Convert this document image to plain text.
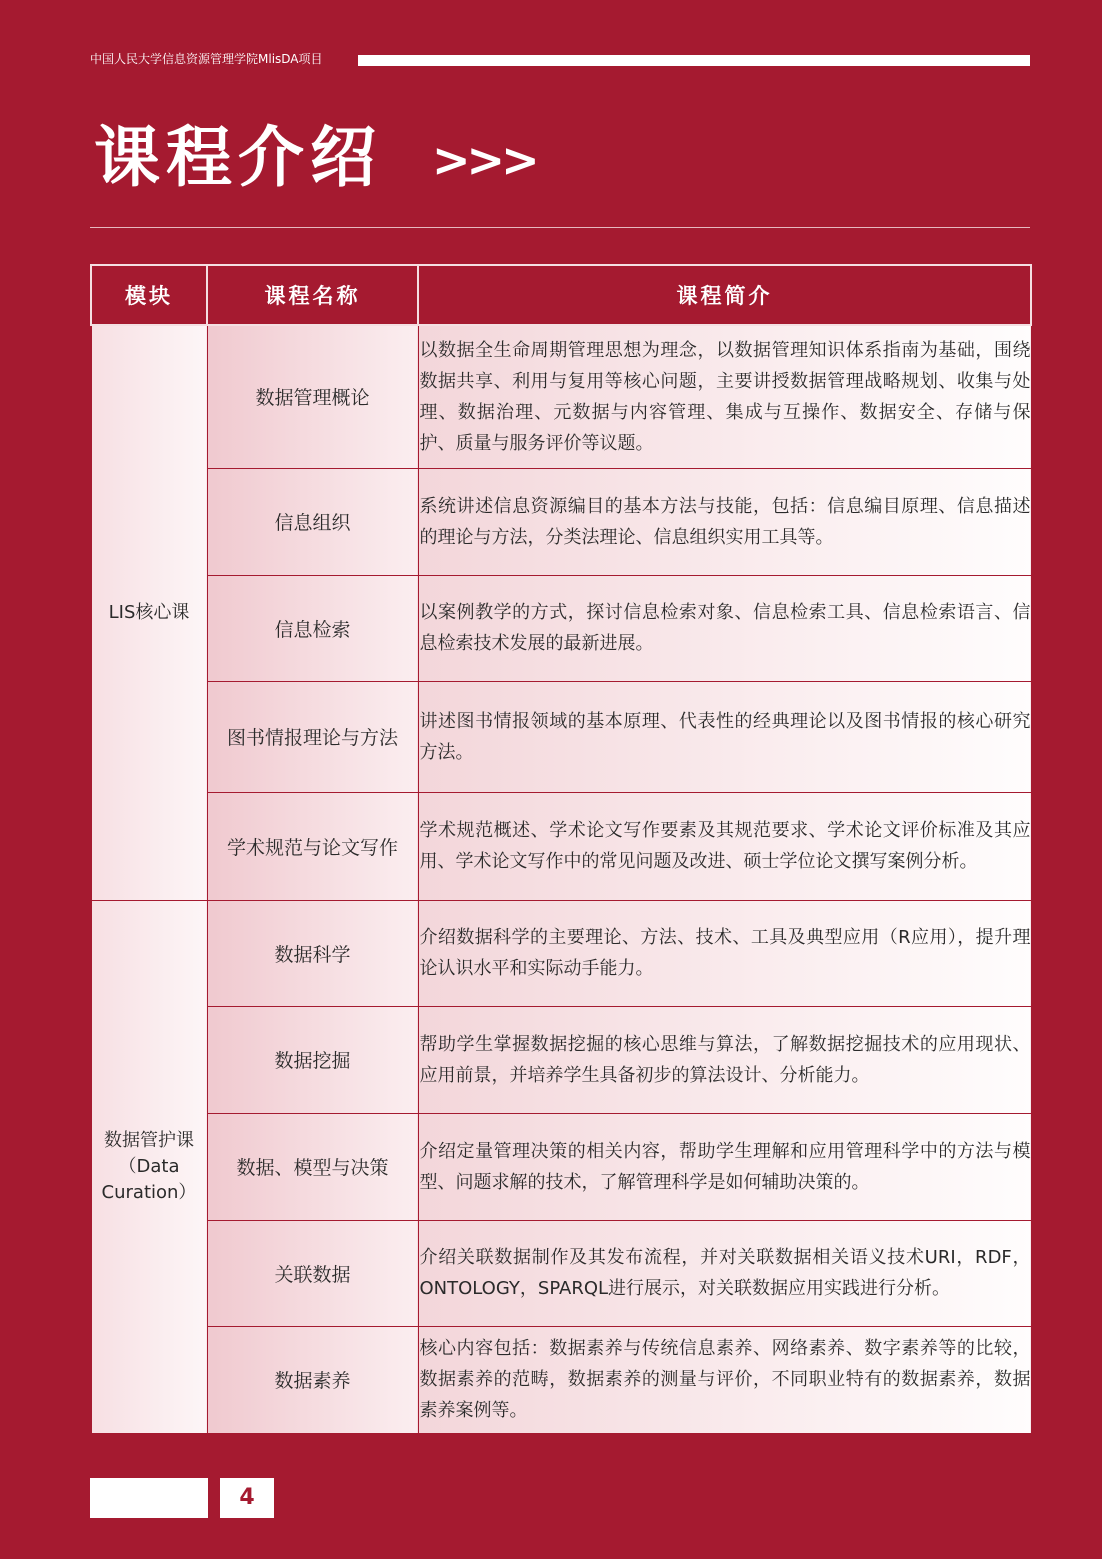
中国人民大学信息资源管理学院MlisDA项目
课程介绍 >>>
模块	课程名称	课程简介
LIS核心课	数据管理概论	以数据全生命周期管理思想为理念，以数据管理知识体系指南为基础，围绕数据共享、利用与复用等核心问题，主要讲授数据管理战略规划、收集与处理、数据治理、元数据与内容管理、集成与互操作、数据安全、存储与保护、质量与服务评价等议题。
	信息组织	系统讲述信息资源编目的基本方法与技能，包括：信息编目原理、信息描述的理论与方法，分类法理论、信息组织实用工具等。
	信息检索	以案例教学的方式，探讨信息检索对象、信息检索工具、信息检索语言、信息检索技术发展的最新进展。
	图书情报理论与方法	讲述图书情报领域的基本原理、代表性的经典理论以及图书情报的核心研究方法。
	学术规范与论文写作	学术规范概述、学术论文写作要素及其规范要求、学术论文评价标准及其应用、学术论文写作中的常见问题及改进、硕士学位论文撰写案例分析。
数据管护课（Data Curation）	数据科学	介绍数据科学的主要理论、方法、技术、工具及典型应用（R应用），提升理论认识水平和实际动手能力。
	数据挖掘	帮助学生掌握数据挖掘的核心思维与算法，了解数据挖掘技术的应用现状、应用前景，并培养学生具备初步的算法设计、分析能力。
	数据、模型与决策	介绍定量管理决策的相关内容，帮助学生理解和应用管理科学中的方法与模型、问题求解的技术，了解管理科学是如何辅助决策的。
	关联数据	介绍关联数据制作及其发布流程，并对关联数据相关语义技术URI，RDF，ONTOLOGY，SPARQL进行展示，对关联数据应用实践进行分析。
	数据素养	核心内容包括：数据素养与传统信息素养、网络素养、数字素养等的比较，数据素养的范畴，数据素养的测量与评价，不同职业特有的数据素养，数据素养案例等。
4
